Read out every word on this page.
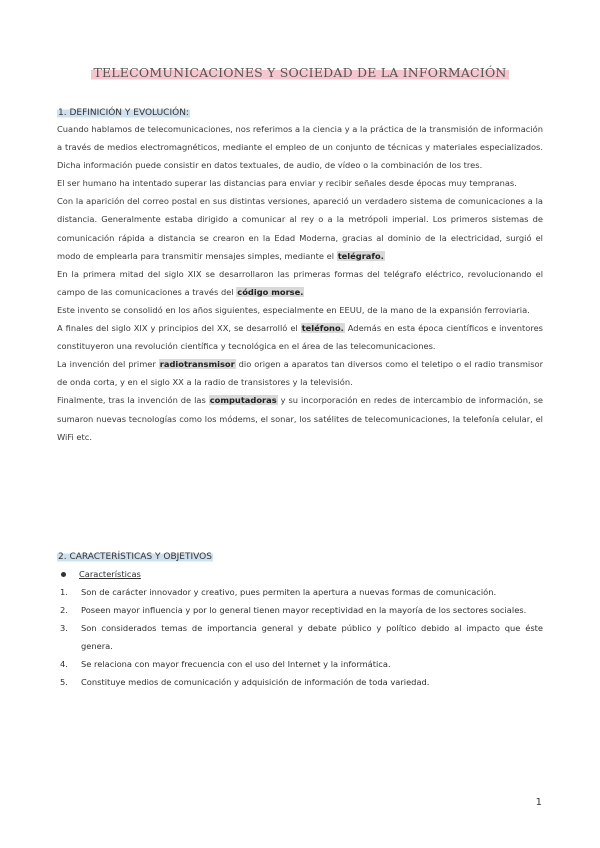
TELECOMUNICACIONES Y SOCIEDAD DE LA INFORMACIÓN
1. DEFINICIÓN Y EVOLUCIÓN:

Cuando hablamos de telecomunicaciones, nos referimos a la ciencia y a la práctica de la transmisión de información a través de medios electromagnéticos, mediante el empleo de un conjunto de técnicas y materiales especializados. Dicha información puede consistir en datos textuales, de audio, de vídeo o la combinación de los tres.

El ser humano ha intentado superar las distancias para enviar y recibir señales desde épocas muy tempranas.

Con la aparición del correo postal en sus distintas versiones, apareció un verdadero sistema de comunicaciones a la distancia. Generalmente estaba dirigido a comunicar al rey o a la metrópoli imperial. Los primeros sistemas de comunicación rápida a distancia se crearon en la Edad Moderna, gracias al dominio de la electricidad, surgió el modo de emplearla para transmitir mensajes simples, mediante el telégrafo.

En la primera mitad del siglo XIX se desarrollaron las primeras formas del telégrafo eléctrico, revolucionando el campo de las comunicaciones a través del código morse.

Este invento se consolidó en los años siguientes, especialmente en EEUU, de la mano de la expansión ferroviaria.

A finales del siglo XIX y principios del XX, se desarrolló el teléfono. Además en esta época científicos e inventores constituyeron una revolución científica y tecnológica en el área de las telecomunicaciones.

La invención del primer radiotransmisor dio origen a aparatos tan diversos como el teletipo o el radio transmisor de onda corta, y en el siglo XX a la radio de transistores y la televisión.

Finalmente, tras la invención de las computadoras y su incorporación en redes de intercambio de información, se sumaron nuevas tecnologías como los módems, el sonar, los satélites de telecomunicaciones, la telefonía celular, el WiFi etc.

2. CARACTERÍSTICAS Y OBJETIVOS
Características
1.	Son de carácter innovador y creativo, pues permiten la apertura a nuevas formas de comunicación.
2.	Poseen mayor influencia y por lo general tienen mayor receptividad en la mayoría de los sectores sociales.
3.	Son considerados temas de importancia general y debate público y político debido al impacto que éste genera.
4.	Se relaciona con mayor frecuencia con el uso del Internet y la informática.
5.	Constituye medios de comunicación y adquisición de información de toda variedad.
1
